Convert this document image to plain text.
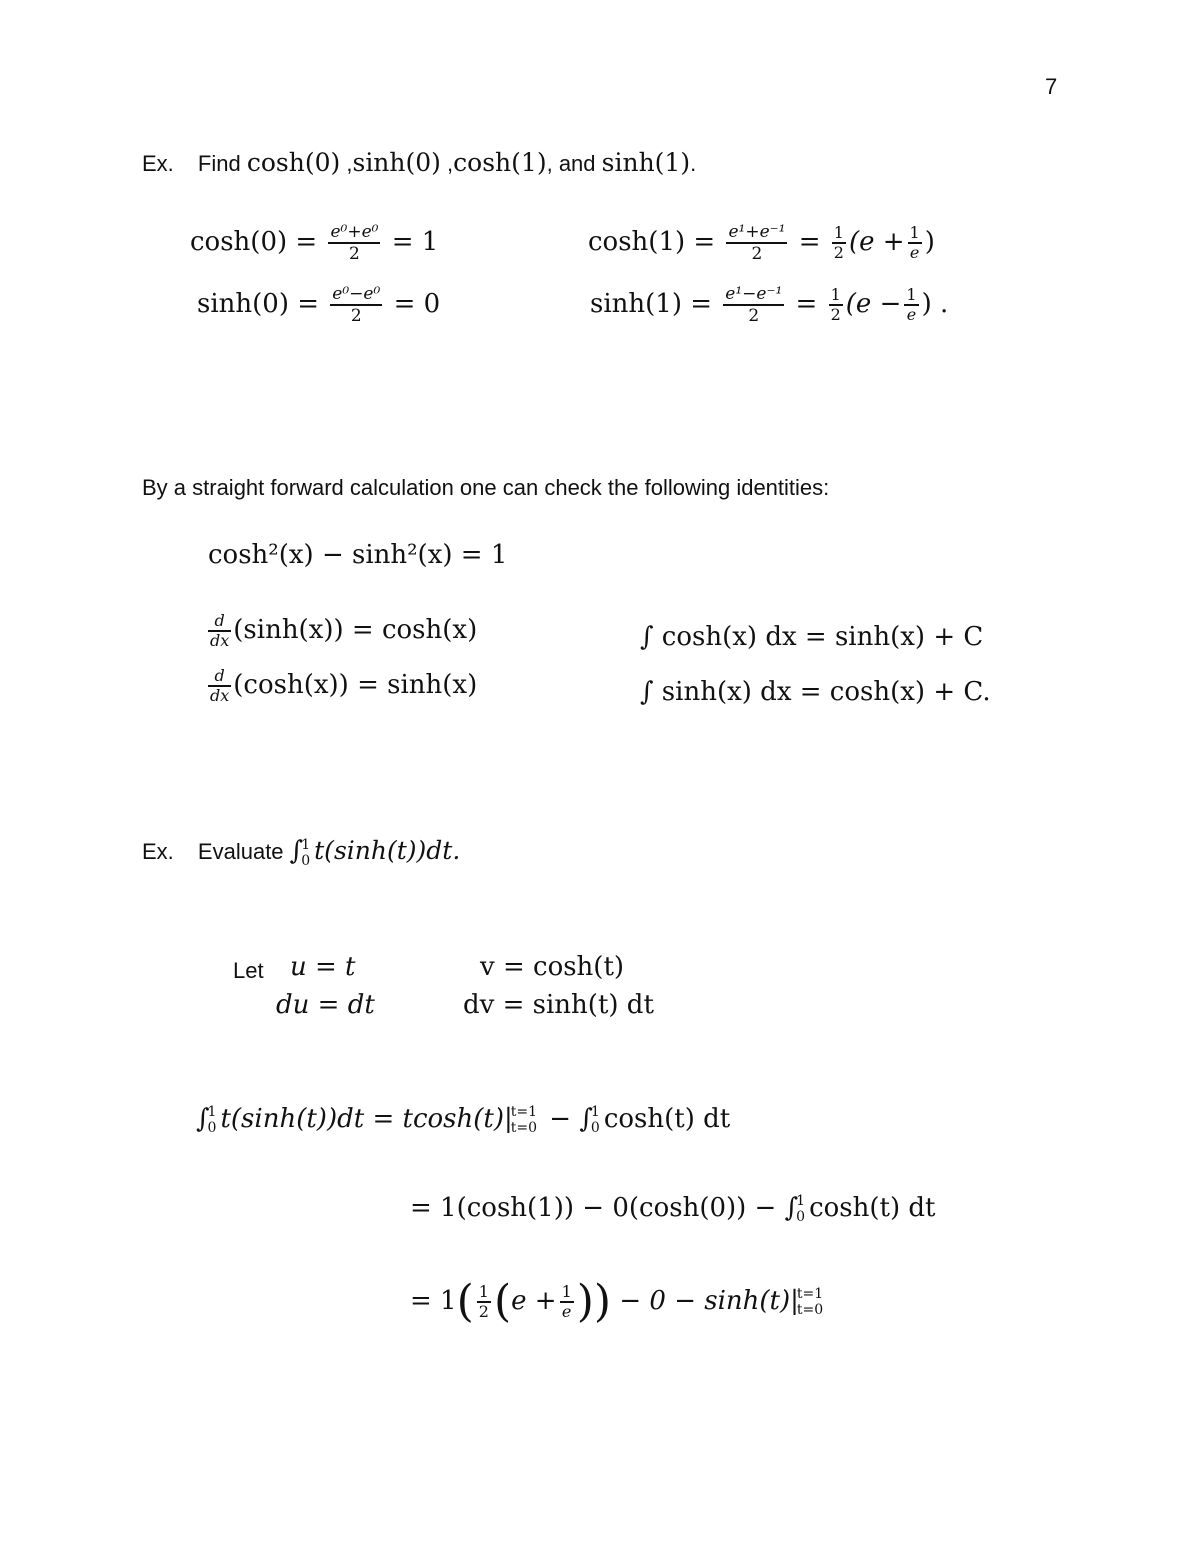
7
Ex. Find cosh(0) ,sinh(0) ,cosh(1), and sinh(1).
$\cosh(0) = \frac{\text{e⁰+e⁰}}{2} = 1$
$\sinh(0) = \frac{\text{e⁰−e⁰}}{2} = 0$
$\cosh(1) = \frac{\text{e¹+e⁻¹}}{2} = \frac{1}{2} (e + \frac{1}{e}$ )
$\sinh(1) = \frac{\text{e¹−e⁻¹}}{2} = \frac{1}{2} (e - \frac{1}{e}$ ) .
By a straight forward calculation one can check the following identities:
cosh²(x) − sinh²(x) = 1
$\frac{d}{dx} (\sinh(x)) = \cosh(x)$
$\frac{d}{dx} (\cosh(x)) = \sinh(x)$
∫ cosh(x) dx = sinh(x) + C
∫ sinh(x) dx = cosh(x) + C.
Ex. Evaluate ∫
1
0 t(sinh(t))dt.
Let u = t	v = cosh(t)
du = dt	dv = sinh(t) dt
∫
1
0 t(sinh(t))dt = tcosh(t)|
t=1
t=0 − ∫
1
0 cosh(t) dt
= 1(cosh(1)) − 0(cosh(0)) − ∫
1
0 cosh(t) dt
= $1( \frac{1}{2} (e + \frac{1}{e}$ )) − 0 − sinh(t)|
t=1
t=0
